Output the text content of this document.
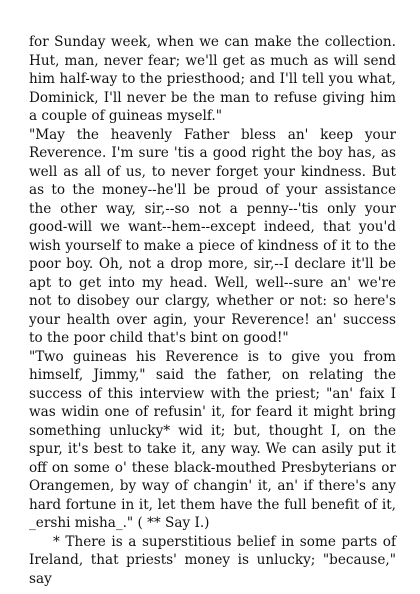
for Sunday week, when we can make the collection. Hut, man, never fear; we'll get as much as will send him half-way to the priesthood; and I'll tell you what, Dominick, I'll never be the man to refuse giving him a couple of guineas myself."

"May the heavenly Father bless an' keep your Reverence. I'm sure 'tis a good right the boy has, as well as all of us, to never forget your kindness. But as to the money--he'll be proud of your assistance the other way, sir,--so not a penny--'tis only your good-will we want--hem--except indeed, that you'd wish yourself to make a piece of kindness of it to the poor boy. Oh, not a drop more, sir,--I declare it'll be apt to get into my head. Well, well--sure an' we're not to disobey our clargy, whether or not: so here's your health over agin, your Reverence! an' success to the poor child that's bint on good!"

"Two guineas his Reverence is to give you from himself, Jimmy," said the father, on relating the success of this interview with the priest; "an' faix I was widin one of refusin' it, for feard it might bring something unlucky* wid it; but, thought I, on the spur, it's best to take it, any way. We can asily put it off on some o' these black-mouthed Presbyterians or Orangemen, by way of changin' it, an' if there's any hard fortune in it, let them have the full benefit of it, _ershi misha_." ( ** Say I.)

* There is a superstitious belief in some parts of Ireland, that priests' money is unlucky; "because," say
